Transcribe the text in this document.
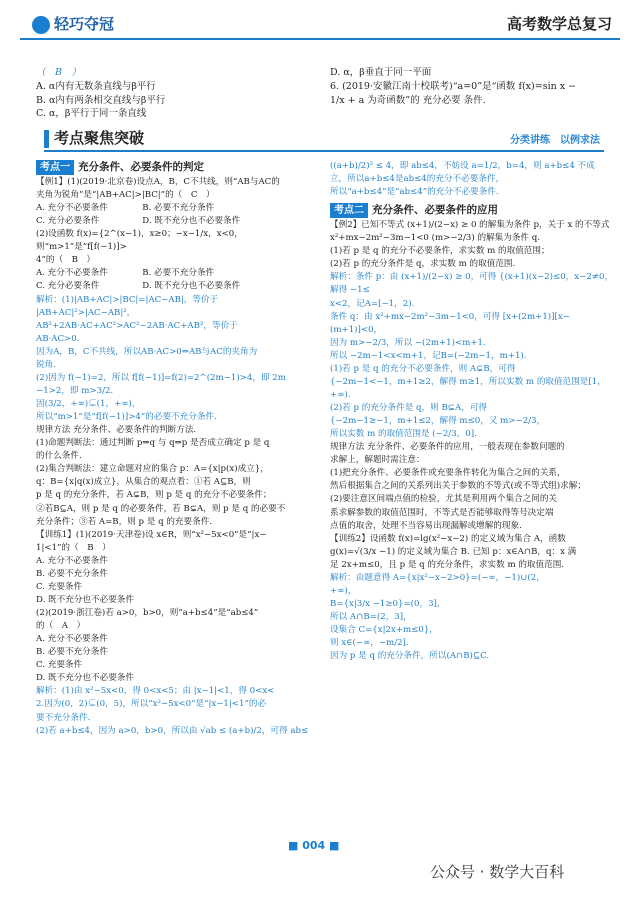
轻巧夺冠	高考数学总复习

（　B　）

A. α内有无数条直线与β平行

B. α内有两条相交直线与β平行

C. α，β平行于同一条直线

D. α，β垂直于同一平面

6. (2019·安徽江南十校联考)“a=0”是“函数 f(x)=sin x −

1/x + a 为奇函数”的 充分必要 条件.

考点聚焦突破	分类讲练　以例求法

考点一 充分条件、必要条件的判定

【例1】(1)(2019·北京卷)设点A，B，C不共线，则“AB与AC的

夹角为锐角”是“|AB+AC|>|BC|”的（　C　）

A. 充分不必要条件　　　　B. 必要不充分条件

C. 充分必要条件　　　　　D. 既不充分也不必要条件

(2)设函数 f(x)={2^(x−1)，x≥0；−x−1/x，x<0，则“m>1”是“f[f(−1)]>

4”的（　B　）

A. 充分不必要条件　　　　B. 必要不充分条件

C. 充分必要条件　　　　　D. 既不充分也不必要条件

解析：(1)|AB+AC|>|BC|=|AC−AB|，等价于

|AB+AC|²>|AC−AB|²，

AB²+2AB·AC+AC²>AC²−2AB·AC+AB²，等价于

AB·AC>0.

因为A，B，C不共线，所以AB·AC>0⇔AB与AC的夹角为

锐角.

(2)因为 f(−1)=2，所以 f[f(−1)]=f(2)=2^(2m−1)>4，即 2m

−1>2，即 m>3/2.

因(3/2，+∞)⊊(1，+∞)，

所以“m>1”是“f[f(−1)]>4”的必要不充分条件.

规律方法 充分条件、必要条件的判断方法.

(1)命题判断法：通过判断 p⇒q 与 q⇒p 是否成立确定 p 是 q

的什么条件.

(2)集合判断法：建立命题对应的集合 p：A={x|p(x)成立}，

q：B={x|q(x)成立}，从集合的观点看：①若 A⊆B，则

p 是 q 的充分条件，若 A⊊B，则 p 是 q 的充分不必要条件；

②若B⊆A，则 p 是 q 的必要条件，若 B⊊A，则 p 是 q 的必要不

充分条件；③若 A=B，则 p 是 q 的充要条件.

【训练1】(1)(2019·天津卷)设 x∈R，则“x²−5x<0”是“|x−

1|<1”的（　B　）

A. 充分不必要条件

B. 必要不充分条件

C. 充要条件

D. 既不充分也不必要条件

(2)(2019·浙江卷)若 a>0，b>0，则“a+b≤4”是“ab≤4”

的（　A　）

A. 充分不必要条件

B. 必要不充分条件

C. 充要条件

D. 既不充分也不必要条件

解析：(1)由 x²−5x<0，得 0<x<5；由 |x−1|<1，得 0<x<

2.因为(0，2)⊊(0，5)，所以“x²−5x<0”是“|x−1|<1”的必

要不充分条件.

(2)若 a+b≤4，因为 a>0，b>0，所以由 √ab ≤ (a+b)/2，可得 ab≤

((a+b)/2)² ≤ 4，即 ab≤4，不妨设 a=1/2，b=4，则 a+b≤4 不成

立，所以a+b≤4是ab≤4的充分不必要条件，

所以“a+b≤4”是“ab≤4”的充分不必要条件.

考点二 充分条件、必要条件的应用

【例2】已知不等式 (x+1)/(2−x) ≥ 0 的解集为条件 p，关于 x 的不等式

x²+mx−2m²−3m−1<0 (m>−2/3) 的解集为条件 q.

(1)若 p 是 q 的充分不必要条件，求实数 m 的取值范围；

(2)若 p 的充分条件是 q，求实数 m 的取值范围.

解析：条件 p：由 (x+1)/(2−x) ≥ 0，可得 {(x+1)(x−2)≤0，x−2≠0，解得 −1≤

x<2，记A=[−1，2).

条件 q：由 x²+mx−2m²−3m−1<0，可得 [x+(2m+1)][x−

(m+1)]<0，

因为 m>−2/3，所以 −(2m+1)<m+1.

所以 −2m−1<x<m+1，记B=(−2m−1，m+1).

(1)若 p 是 q 的充分不必要条件，则 A⊊B，可得

{−2m−1<−1，m+1≥2，解得 m≥1，所以实数 m 的取值范围是[1，

+∞).

(2)若 p 的充分条件是 q，则 B⊊A，可得

{−2m−1≥−1，m+1≤2，解得 m≤0，又 m>−2/3，

所以实数 m 的取值范围是 (−2/3，0].

规律方法 充分条件、必要条件的应用，一般表现在参数问题的

求解上，解题时需注意：

(1)把充分条件、必要条件或充要条件转化为集合之间的关系，

然后根据集合之间的关系列出关于参数的不等式(或不等式组)求解；

(2)要注意区间端点值的检验，尤其是利用两个集合之间的关

系求解参数的取值范围时，不等式是否能够取得等号决定端

点值的取舍，处理不当容易出现漏解或增解的现象.

【训练2】设函数 f(x)=lg(x²−x−2) 的定义域为集合 A，函数

g(x)=√(3/x −1) 的定义域为集合 B. 已知 p：x∈A∩B，q：x 满

足 2x+m≤0，且 p 是 q 的充分条件，求实数 m 的取值范围.

解析：由题意得 A={x|x²−x−2>0}=(−∞，−1)∪(2，

+∞)，

B={x|3/x −1≥0}=(0，3]，

所以 A∩B=(2，3]，

设集合 C={x|2x+m≤0}，

则 x∈(−∞，−m/2].

因为 p 是 q 的充分条件，所以(A∩B)⊆C.

■ 004 ■
公众号 · 数学大百科
